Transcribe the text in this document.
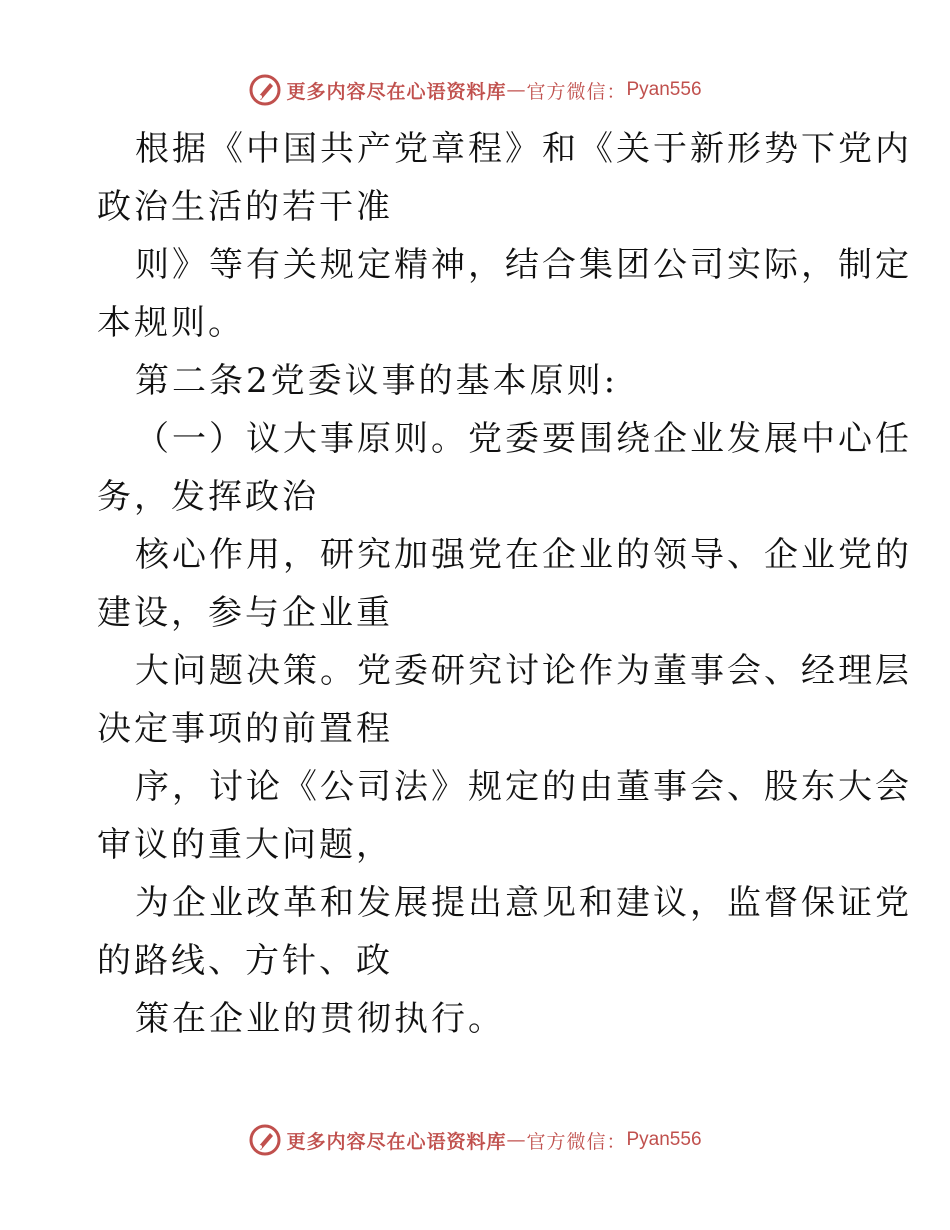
更多内容尽在心语资料库 — 官方微信： Pyan556
根据《中国共产党章程》和《关于新形势下党内
政治生活的若干准
则》等有关规定精神，结合集团公司实际，制定
本规则。
第二条2党委议事的基本原则:
（一）议大事原则。党委要围绕企业发展中心任
务，发挥政治
核心作用，研究加强党在企业的领导、企业党的
建设，参与企业重
大问题决策。党委研究讨论作为董事会、经理层
决定事项的前置程
序，讨论《公司法》规定的由董事会、股东大会
审议的重大问题，
为企业改革和发展提出意见和建议，监督保证党
的路线、方针、政
策在企业的贯彻执行。
更多内容尽在心语资料库 — 官方微信： Pyan556
